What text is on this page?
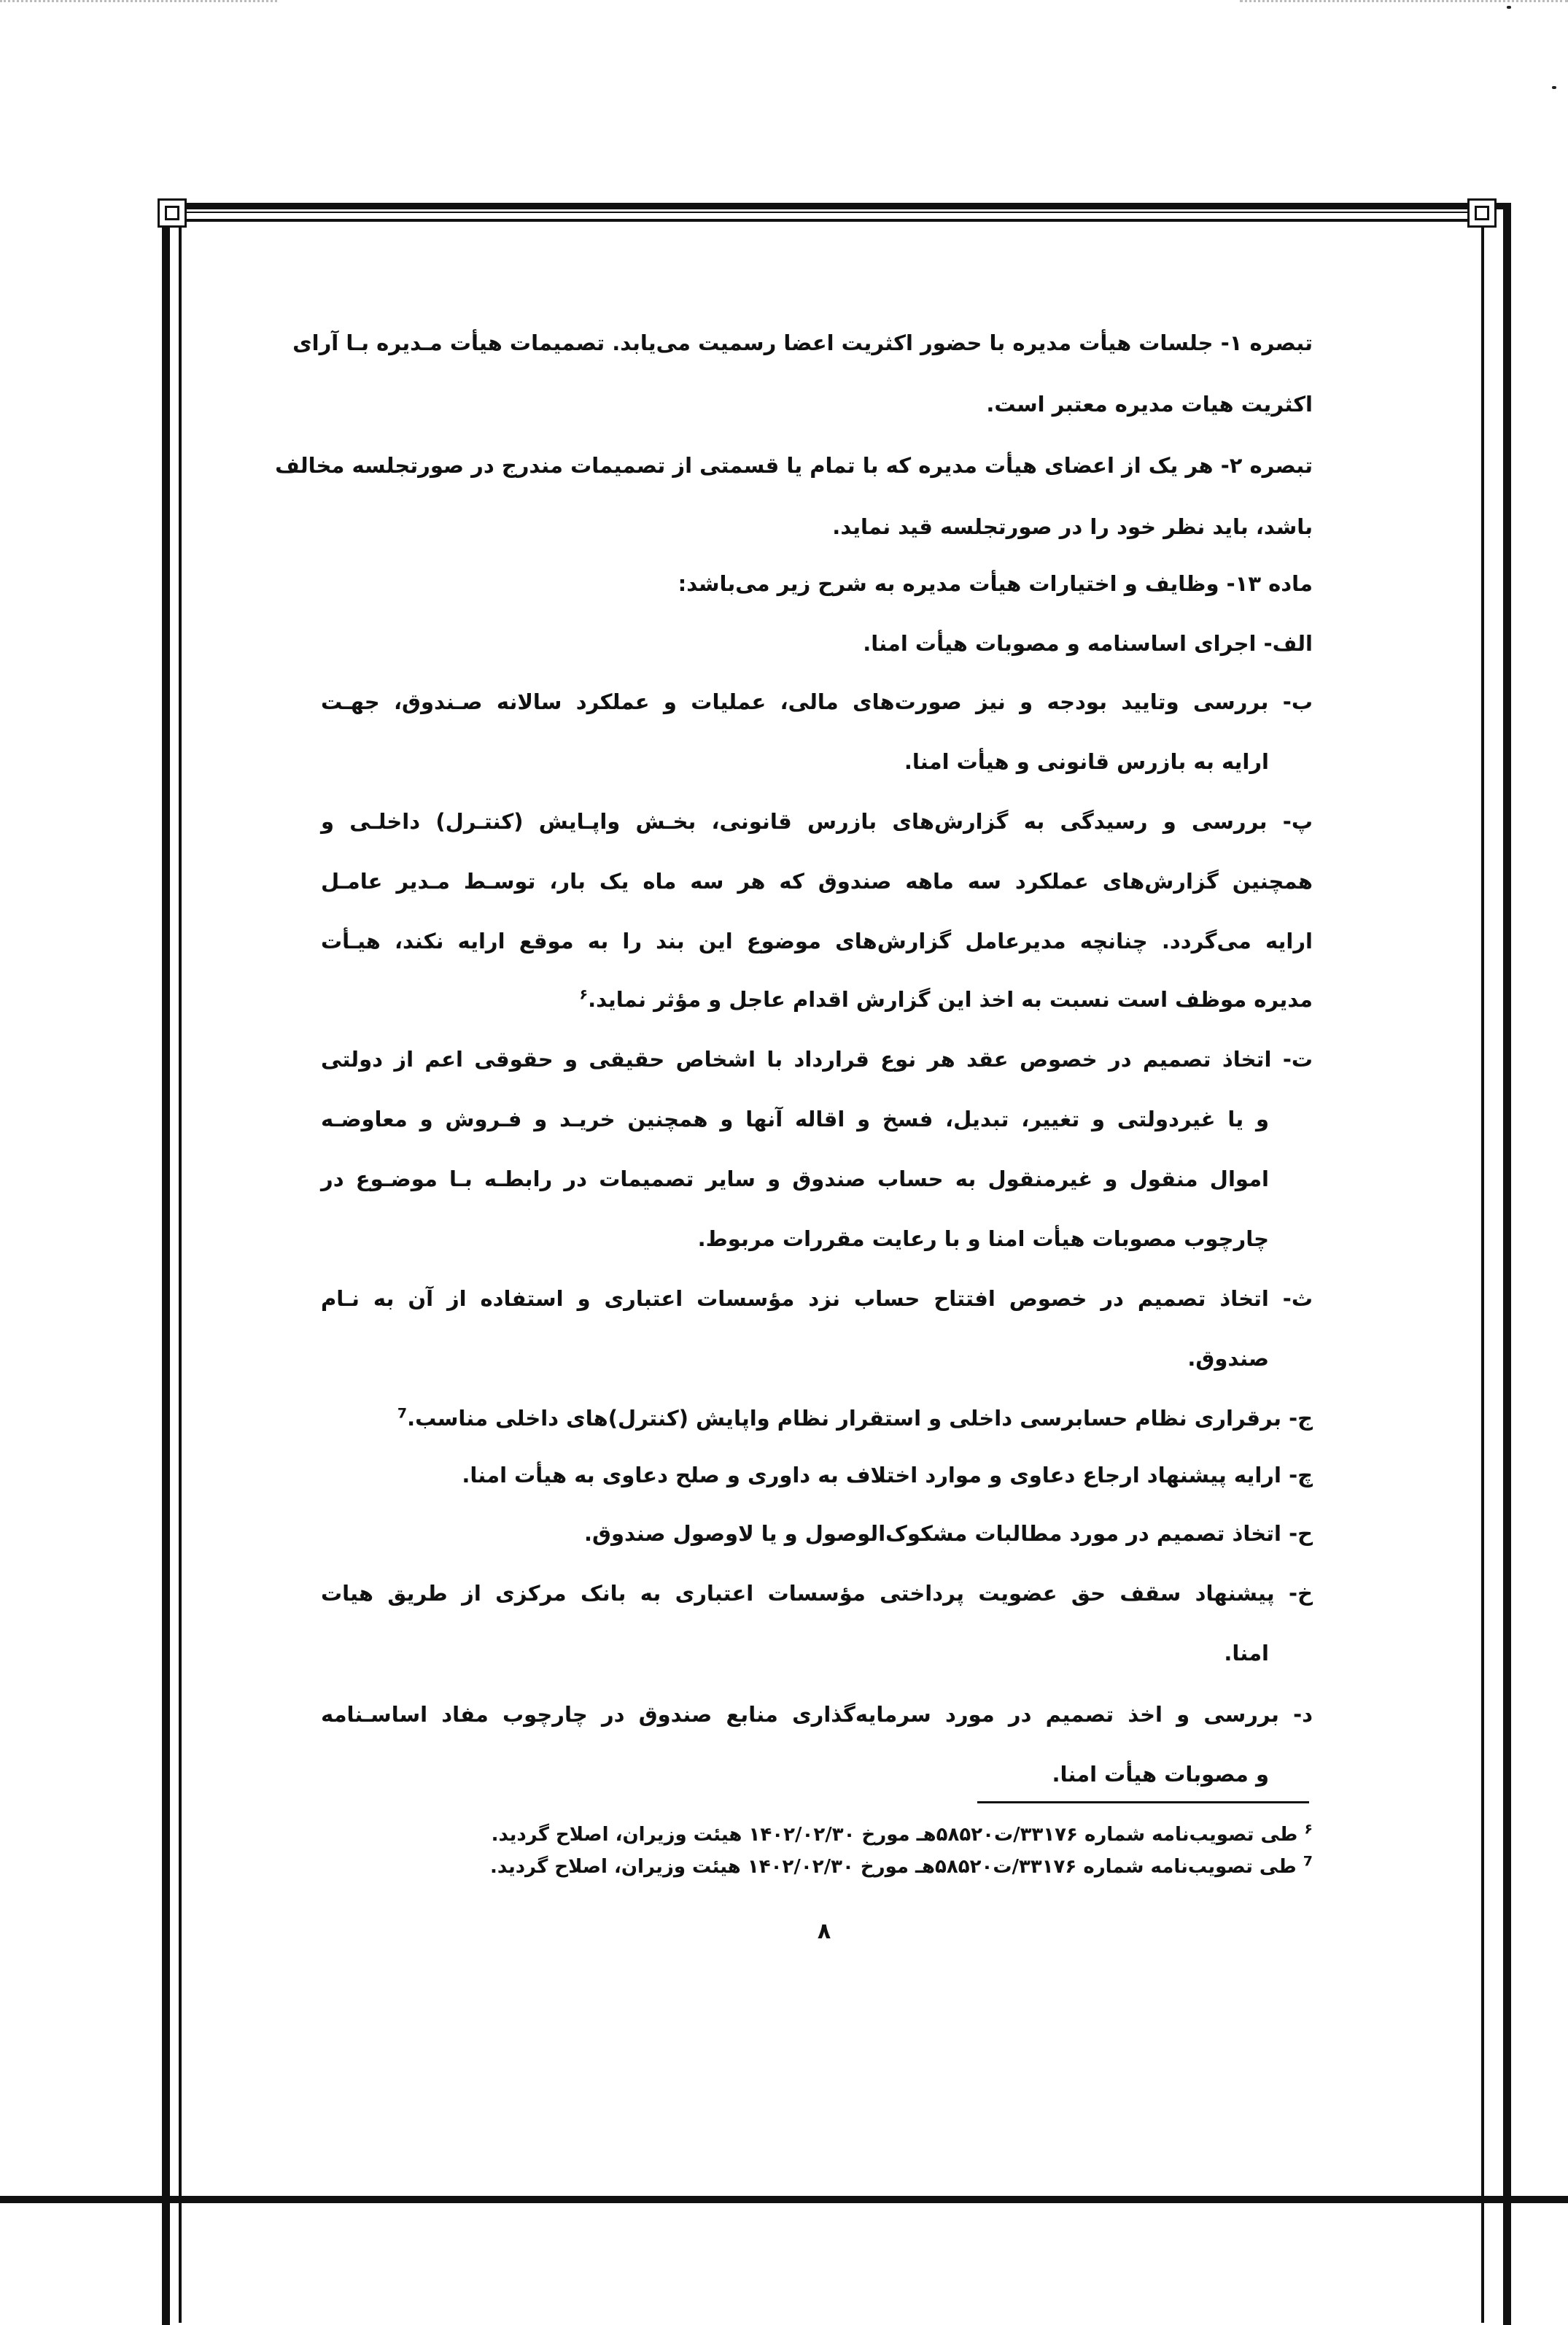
تبصره ۱- جلسات هیأت مدیره با حضور اکثریت اعضا رسمیت می‌یابد. تصمیمات هیأت مـدیره بـا آرای
اکثریت هیات مدیره معتبر است.
تبصره ۲- هر یک از اعضای هیأت مدیره که با تمام یا قسمتی از تصمیمات مندرج در صورتجلسه مخالف
باشد، باید نظر خود را در صورتجلسه قید نماید.
ماده ۱۳- وظایف و اختیارات هیأت مدیره به شرح زیر می‌باشد:
الف- اجرای اساسنامه و مصوبات هیأت امنا.
ب- بررسی وتایید بودجه و نیز صورت‌های مالی، عملیات و عملکرد سالانه صـندوق، جهـت
ارایه به بازرس قانونی و هیأت امنا.
پ- بررسی و رسیدگی به گزارش‌های بازرس قانونی، بخـش واپـایش (کنتـرل) داخلـی و
همچنین گزارش‌های عملکرد سه ماهه صندوق که هر سه ماه یک بار، توسـط مـدیر عامـل
ارایه می‌گردد. چنانچه مدیرعامل گزارش‌های موضوع این بند را به موقع ارایه نکند، هیـأت
مدیره موظف است نسبت به اخذ این گزارش اقدام عاجل و مؤثر نماید.$^۶$
ت- اتخاذ تصمیم در خصوص عقد هر نوع قرارداد با اشخاص حقیقی و حقوقی اعم از دولتی
و یا غیردولتی و تغییر، تبدیل، فسخ و اقاله آنها و همچنین خریـد و فـروش و معاوضـه
اموال منقول و غیرمنقول به حساب صندوق و سایر تصمیمات در رابطـه بـا موضـوع در
چارچوب مصوبات هیأت امنا و با رعایت مقررات مربوط.
ث- اتخاذ تصمیم در خصوص افتتاح حساب نزد مؤسسات اعتباری و استفاده از آن به نـام
صندوق.
ج- برقراری نظام حسابرسی داخلی و استقرار نظام واپایش (کنترل)های داخلی مناسب.$^7$
چ- ارایه پیشنهاد ارجاع دعاوی و موارد اختلاف به داوری و صلح دعاوی به هیأت امنا.
ح- اتخاذ تصمیم در مورد مطالبات مشکوک‌الوصول و یا لاوصول صندوق.
خ- پیشنهاد سقف حق عضویت پرداختی مؤسسات اعتباری به بانک مرکزی از طریق هیات
امنا.
د- بررسی و اخذ تصمیم در مورد سرمایه‌گذاری منابع صندوق در چارچوب مفاد اساسـنامه
و مصوبات هیأت امنا.
$^۶$ طی تصویب‌نامه شماره ۳۳۱۷۶/ت۵۸۵۲۰هـ مورخ ۱۴۰۲/۰۲/۳۰ هیئت وزیران، اصلاح گردید.
$^7$ طی تصویب‌نامه شماره ۳۳۱۷۶/ت۵۸۵۲۰هـ مورخ ۱۴۰۲/۰۲/۳۰ هیئت وزیران، اصلاح گردید.
۸
